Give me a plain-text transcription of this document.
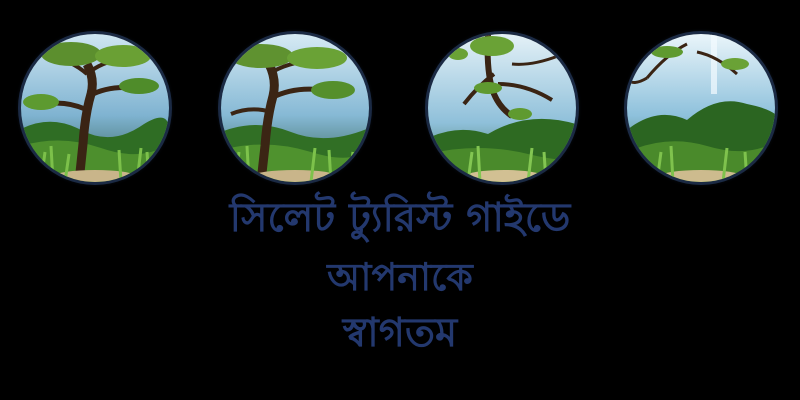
সিলেট ট্যুরিস্ট গাইডে
আপনাকে
স্বাগতম
